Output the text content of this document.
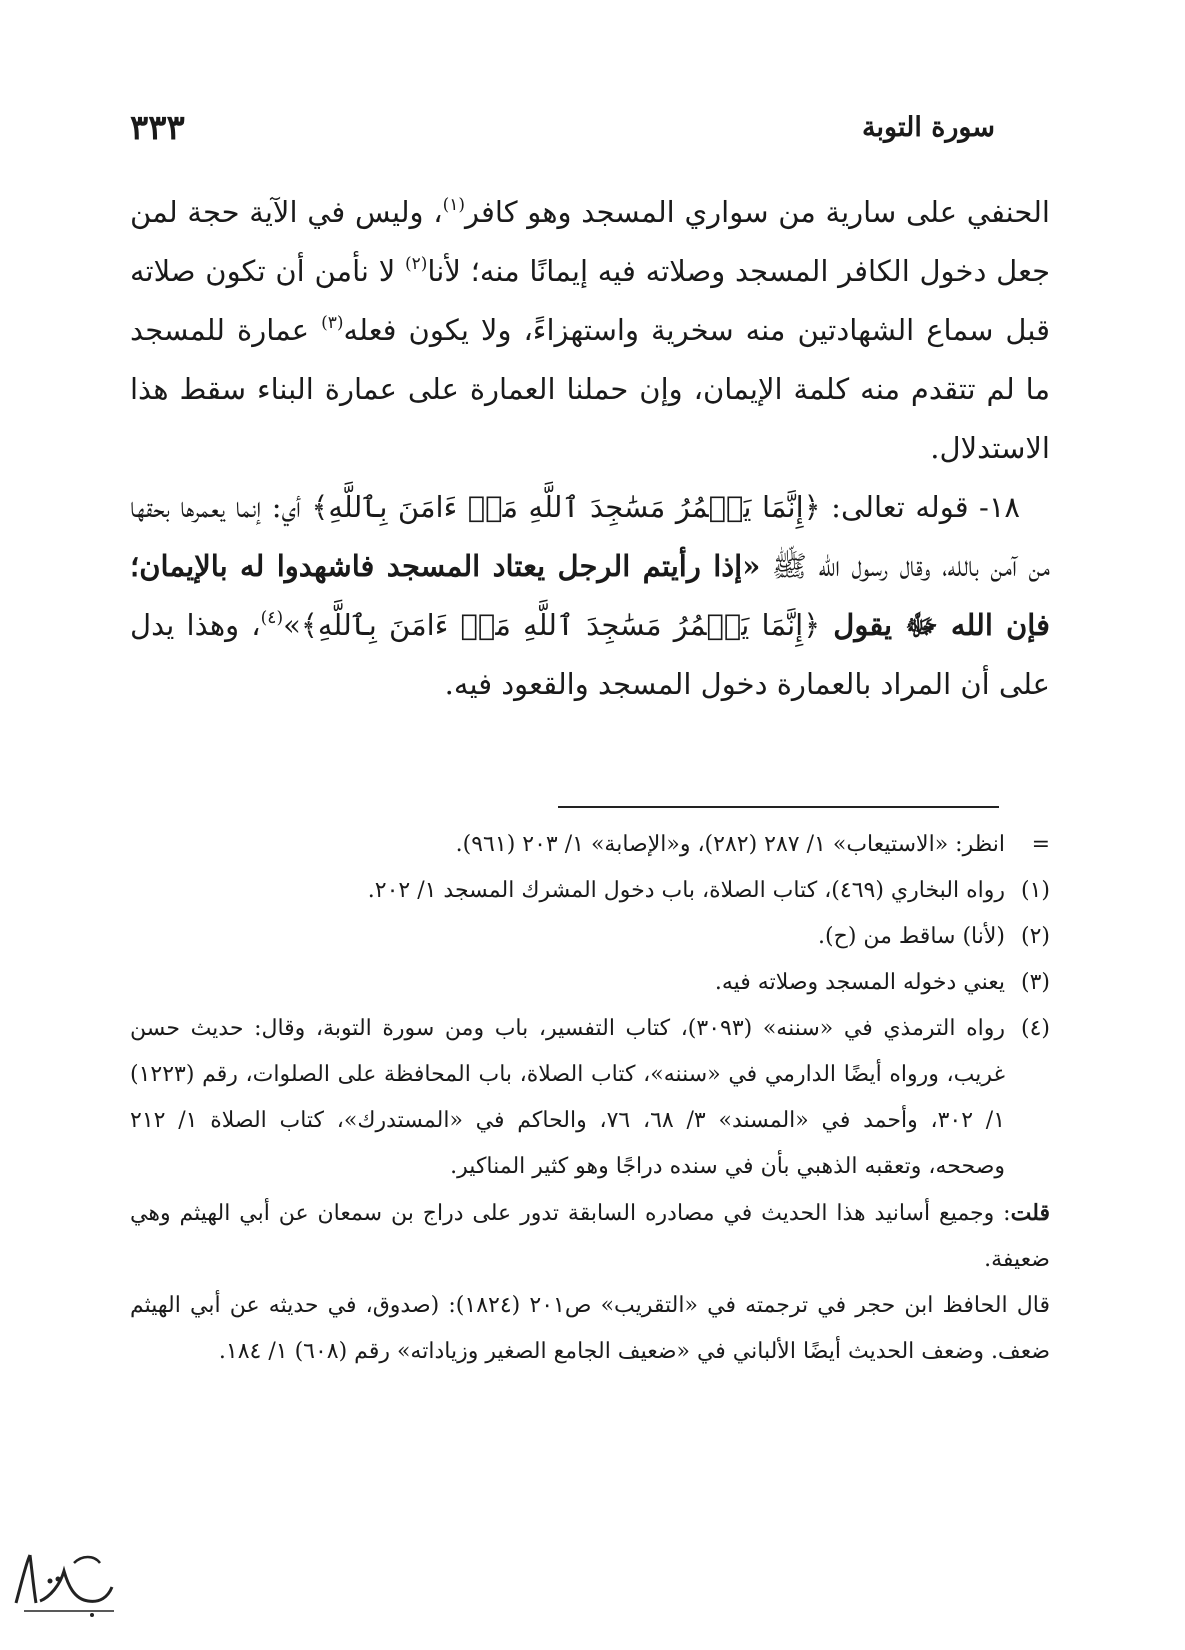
سورة التوبة
٣٣٣

الحنفي على سارية من سواري المسجد وهو كافر$^{(١)}$، وليس في الآية حجة لمن جعل دخول الكافر المسجد وصلاته فيه إيمانًا منه؛ لأنا$^{(٢)}$ لا نأمن أن تكون صلاته قبل سماع الشهادتين منه سخرية واستهزاءً، ولا يكون فعله$^{(٣)}$ عمارة للمسجد ما لم تتقدم منه كلمة الإيمان، وإن حملنا العمارة على عمارة البناء سقط هذا الاستدلال.

١٨- قوله تعالى: ﴿إِنَّمَا يَعۡمُرُ مَسَٰجِدَ ٱللَّهِ مَنۡ ءَامَنَ بِٱللَّهِ﴾ أي: إنما يعمرها بحقها من آمن بالله، وقال رسول الله ﷺ «إذا رأيتم الرجل يعتاد المسجد فاشهدوا له بالإيمان؛ فإن الله ﷻ يقول ﴿إِنَّمَا يَعۡمُرُ مَسَٰجِدَ ٱللَّهِ مَنۡ ءَامَنَ بِٱللَّهِ﴾»$^{(٤)}$، وهذا يدل على أن المراد بالعمارة دخول المسجد والقعود فيه.

=
انظر: «الاستيعاب» ١/ ٢٨٧ (٢٨٢)، و«الإصابة» ١/ ٢٠٣ (٩٦١).
(١)
رواه البخاري (٤٦٩)، كتاب الصلاة، باب دخول المشرك المسجد ١/ ٢٠٢.
(٢)
(لأنا) ساقط من (ح).
(٣)
يعني دخوله المسجد وصلاته فيه.
(٤)
رواه الترمذي في «سننه» (٣٠٩٣)، كتاب التفسير، باب ومن سورة التوبة، وقال: حديث حسن غريب، ورواه أيضًا الدارمي في «سننه»، كتاب الصلاة، باب المحافظة على الصلوات، رقم (١٢٢٣) ١/ ٣٠٢، وأحمد في «المسند» ٣/ ٦٨، ٧٦، والحاكم في «المستدرك»، كتاب الصلاة ١/ ٢١٢ وصححه، وتعقبه الذهبي بأن في سنده دراجًا وهو كثير المناكير.
قلت: وجميع أسانيد هذا الحديث في مصادره السابقة تدور على دراج بن سمعان عن أبي الهيثم وهي ضعيفة.
قال الحافظ ابن حجر في ترجمته في «التقريب» ص٢٠١ (١٨٢٤): (صدوق، في حديثه عن أبي الهيثم ضعف. وضعف الحديث أيضًا الألباني في «ضعيف الجامع الصغير وزياداته» رقم (٦٠٨) ١/ ١٨٤.
